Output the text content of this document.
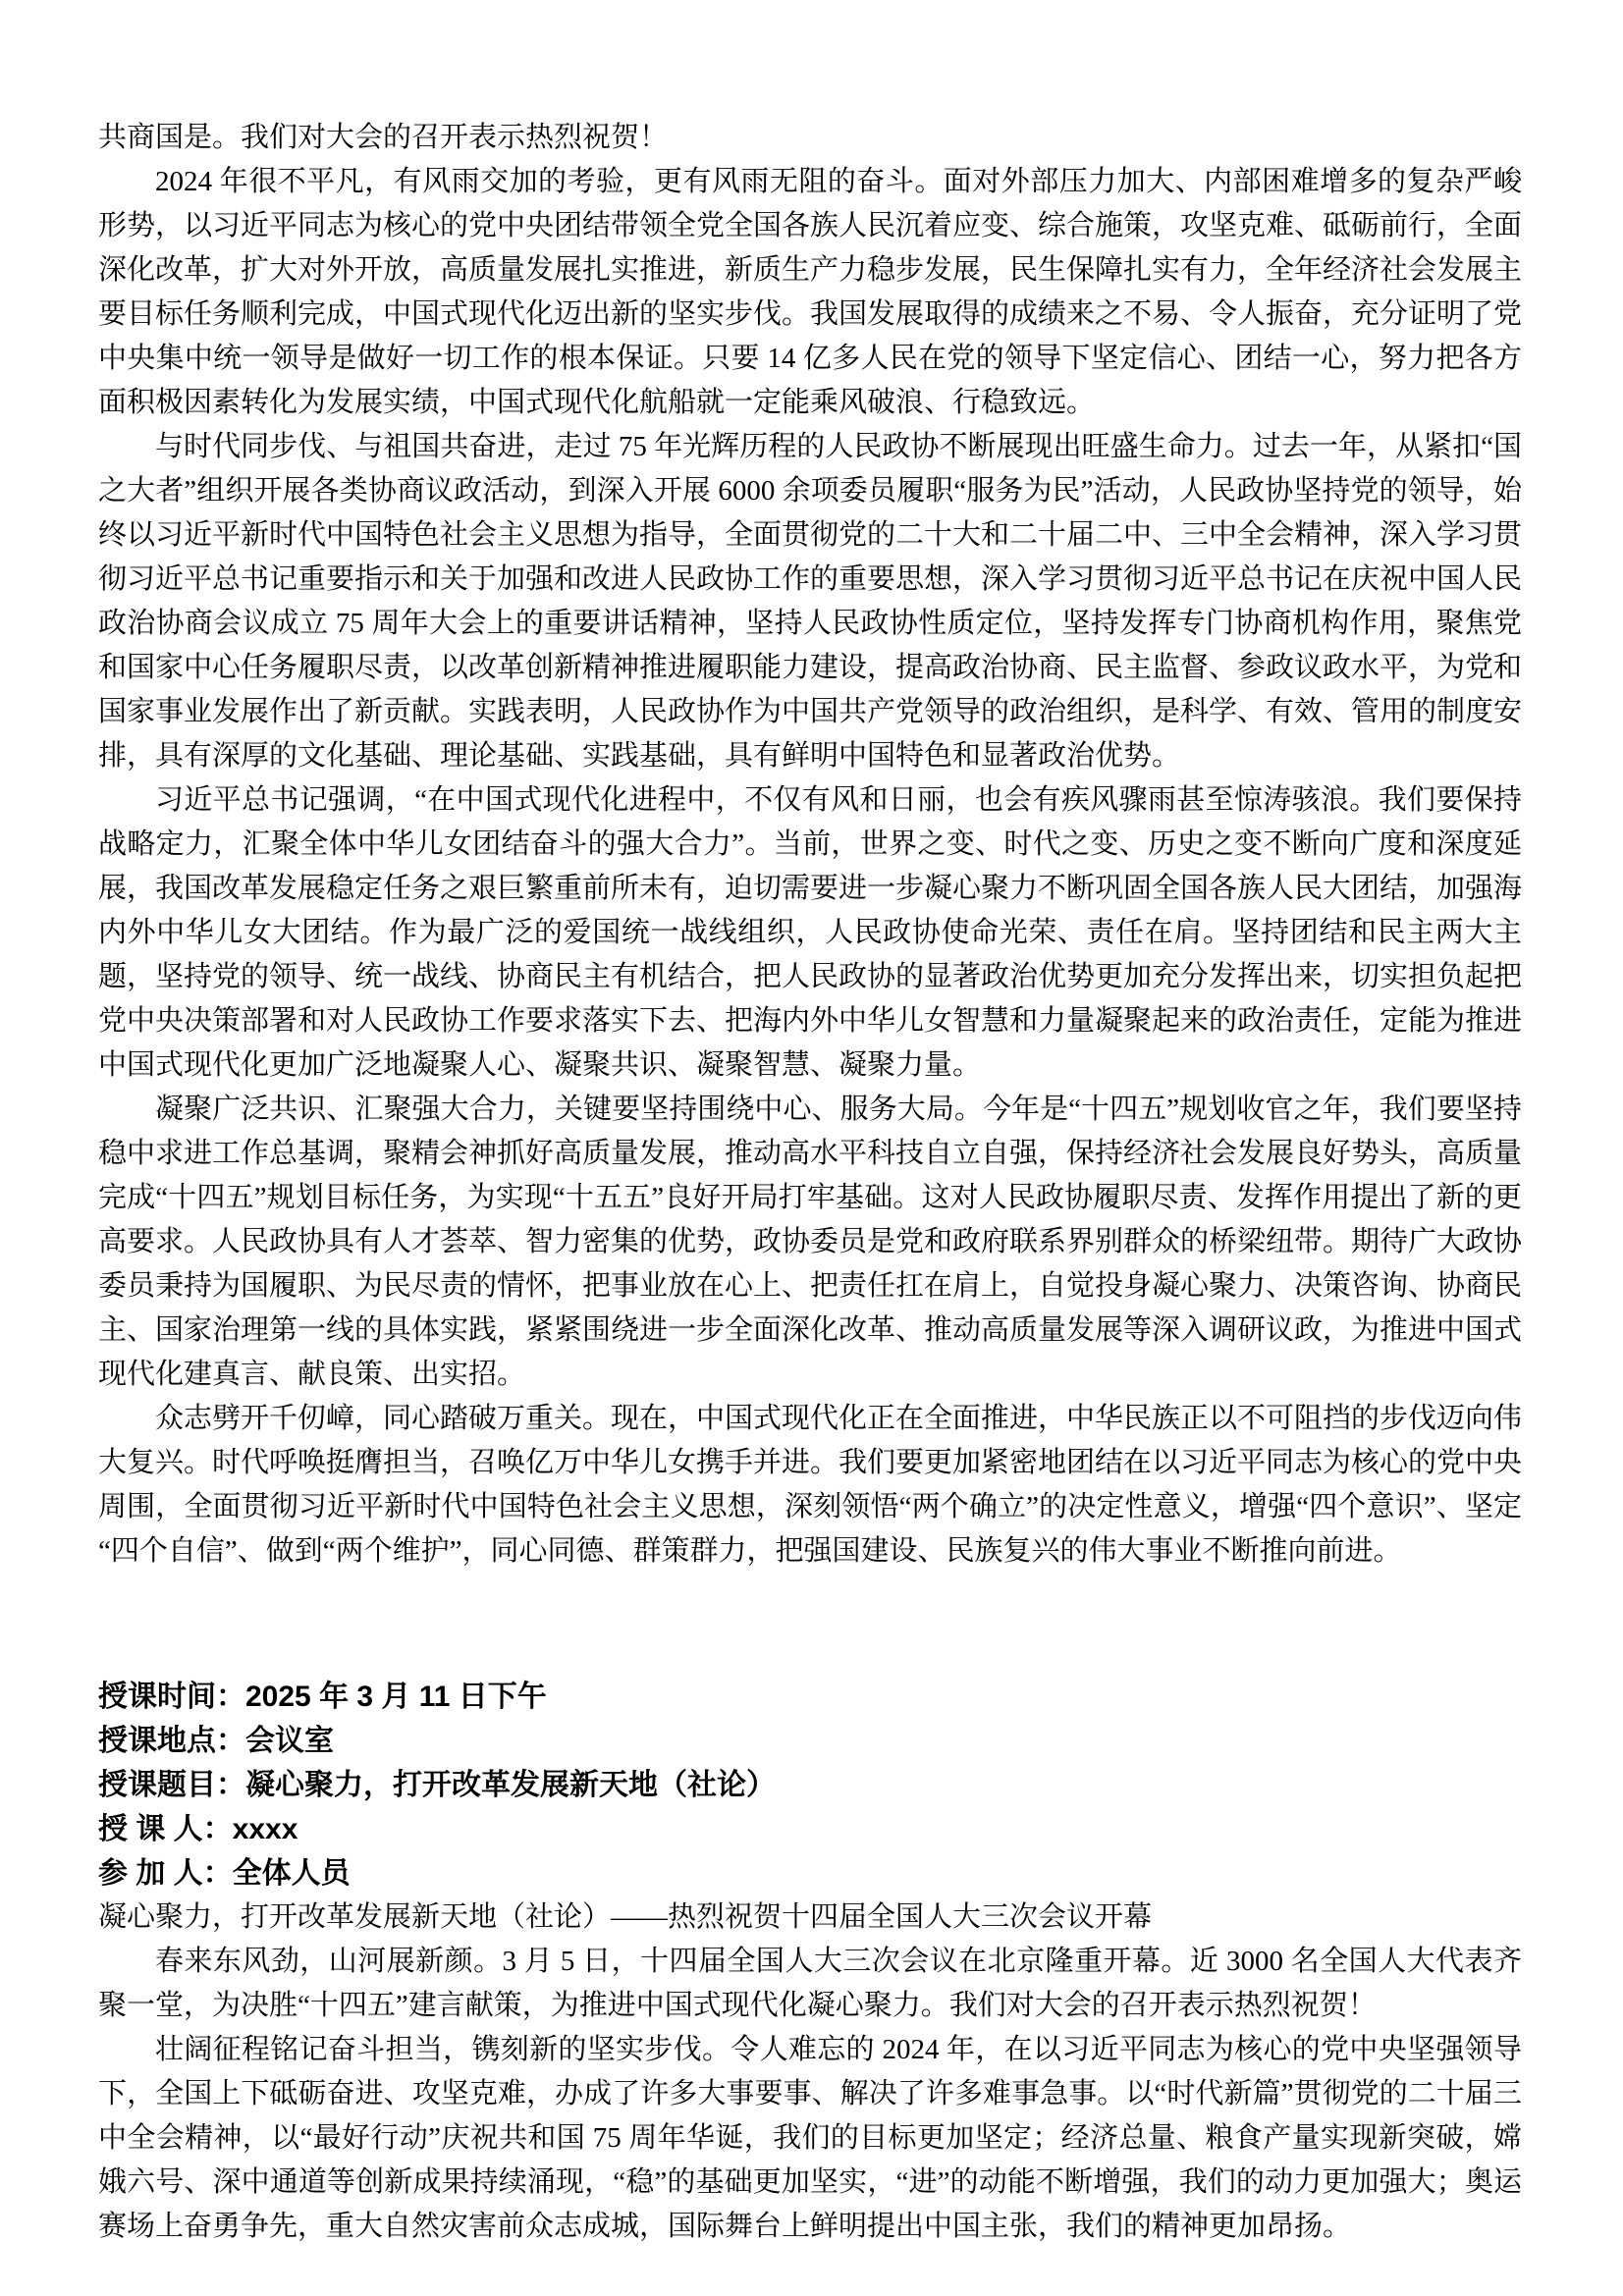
共商国是。我们对大会的召开表示热烈祝贺！

2024 年很不平凡，有风雨交加的考验，更有风雨无阻的奋斗。面对外部压力加大、内部困难增多的复杂严峻形势，以习近平同志为核心的党中央团结带领全党全国各族人民沉着应变、综合施策，攻坚克难、砥砺前行，全面深化改革，扩大对外开放，高质量发展扎实推进，新质生产力稳步发展，民生保障扎实有力，全年经济社会发展主要目标任务顺利完成，中国式现代化迈出新的坚实步伐。我国发展取得的成绩来之不易、令人振奋，充分证明了党中央集中统一领导是做好一切工作的根本保证。只要 14 亿多人民在党的领导下坚定信心、团结一心，努力把各方面积极因素转化为发展实绩，中国式现代化航船就一定能乘风破浪、行稳致远。

与时代同步伐、与祖国共奋进，走过 75 年光辉历程的人民政协不断展现出旺盛生命力。过去一年，从紧扣“国之大者”组织开展各类协商议政活动，到深入开展 6000 余项委员履职“服务为民”活动，人民政协坚持党的领导，始终以习近平新时代中国特色社会主义思想为指导，全面贯彻党的二十大和二十届二中、三中全会精神，深入学习贯彻习近平总书记重要指示和关于加强和改进人民政协工作的重要思想，深入学习贯彻习近平总书记在庆祝中国人民政治协商会议成立 75 周年大会上的重要讲话精神，坚持人民政协性质定位，坚持发挥专门协商机构作用，聚焦党和国家中心任务履职尽责，以改革创新精神推进履职能力建设，提高政治协商、民主监督、参政议政水平，为党和国家事业发展作出了新贡献。实践表明，人民政协作为中国共产党领导的政治组织，是科学、有效、管用的制度安排，具有深厚的文化基础、理论基础、实践基础，具有鲜明中国特色和显著政治优势。

习近平总书记强调，“在中国式现代化进程中，不仅有风和日丽，也会有疾风骤雨甚至惊涛骇浪。我们要保持战略定力，汇聚全体中华儿女团结奋斗的强大合力”。当前，世界之变、时代之变、历史之变不断向广度和深度延展，我国改革发展稳定任务之艰巨繁重前所未有，迫切需要进一步凝心聚力不断巩固全国各族人民大团结，加强海内外中华儿女大团结。作为最广泛的爱国统一战线组织，人民政协使命光荣、责任在肩。坚持团结和民主两大主题，坚持党的领导、统一战线、协商民主有机结合，把人民政协的显著政治优势更加充分发挥出来，切实担负起把党中央决策部署和对人民政协工作要求落实下去、把海内外中华儿女智慧和力量凝聚起来的政治责任，定能为推进中国式现代化更加广泛地凝聚人心、凝聚共识、凝聚智慧、凝聚力量。

凝聚广泛共识、汇聚强大合力，关键要坚持围绕中心、服务大局。今年是“十四五”规划收官之年，我们要坚持稳中求进工作总基调，聚精会神抓好高质量发展，推动高水平科技自立自强，保持经济社会发展良好势头，高质量完成“十四五”规划目标任务，为实现“十五五”良好开局打牢基础。这对人民政协履职尽责、发挥作用提出了新的更高要求。人民政协具有人才荟萃、智力密集的优势，政协委员是党和政府联系界别群众的桥梁纽带。期待广大政协委员秉持为国履职、为民尽责的情怀，把事业放在心上、把责任扛在肩上，自觉投身凝心聚力、决策咨询、协商民主、国家治理第一线的具体实践，紧紧围绕进一步全面深化改革、推动高质量发展等深入调研议政，为推进中国式现代化建真言、献良策、出实招。

众志劈开千仞嶂，同心踏破万重关。现在，中国式现代化正在全面推进，中华民族正以不可阻挡的步伐迈向伟大复兴。时代呼唤挺膺担当，召唤亿万中华儿女携手并进。我们要更加紧密地团结在以习近平同志为核心的党中央周围，全面贯彻习近平新时代中国特色社会主义思想，深刻领悟“两个确立”的决定性意义，增强“四个意识”、坚定“四个自信”、做到“两个维护”，同心同德、群策群力，把强国建设、民族复兴的伟大事业不断推向前进。

授课时间：2025 年 3 月 11 日下午

授课地点：会议室

授课题目：凝心聚力，打开改革发展新天地（社论）

授 课 人：xxxx

参 加 人：全体人员

凝心聚力，打开改革发展新天地（社论）——热烈祝贺十四届全国人大三次会议开幕

春来东风劲，山河展新颜。3 月 5 日，十四届全国人大三次会议在北京隆重开幕。近 3000 名全国人大代表齐聚一堂，为决胜“十四五”建言献策，为推进中国式现代化凝心聚力。我们对大会的召开表示热烈祝贺！

壮阔征程铭记奋斗担当，镌刻新的坚实步伐。令人难忘的 2024 年，在以习近平同志为核心的党中央坚强领导下，全国上下砥砺奋进、攻坚克难，办成了许多大事要事、解决了许多难事急事。以“时代新篇”贯彻党的二十届三中全会精神，以“最好行动”庆祝共和国 75 周年华诞，我们的目标更加坚定；经济总量、粮食产量实现新突破，嫦娥六号、深中通道等创新成果持续涌现，“稳”的基础更加坚实，“进”的动能不断增强，我们的动力更加强大；奥运赛场上奋勇争先，重大自然灾害前众志成城，国际舞台上鲜明提出中国主张，我们的精神更加昂扬。
